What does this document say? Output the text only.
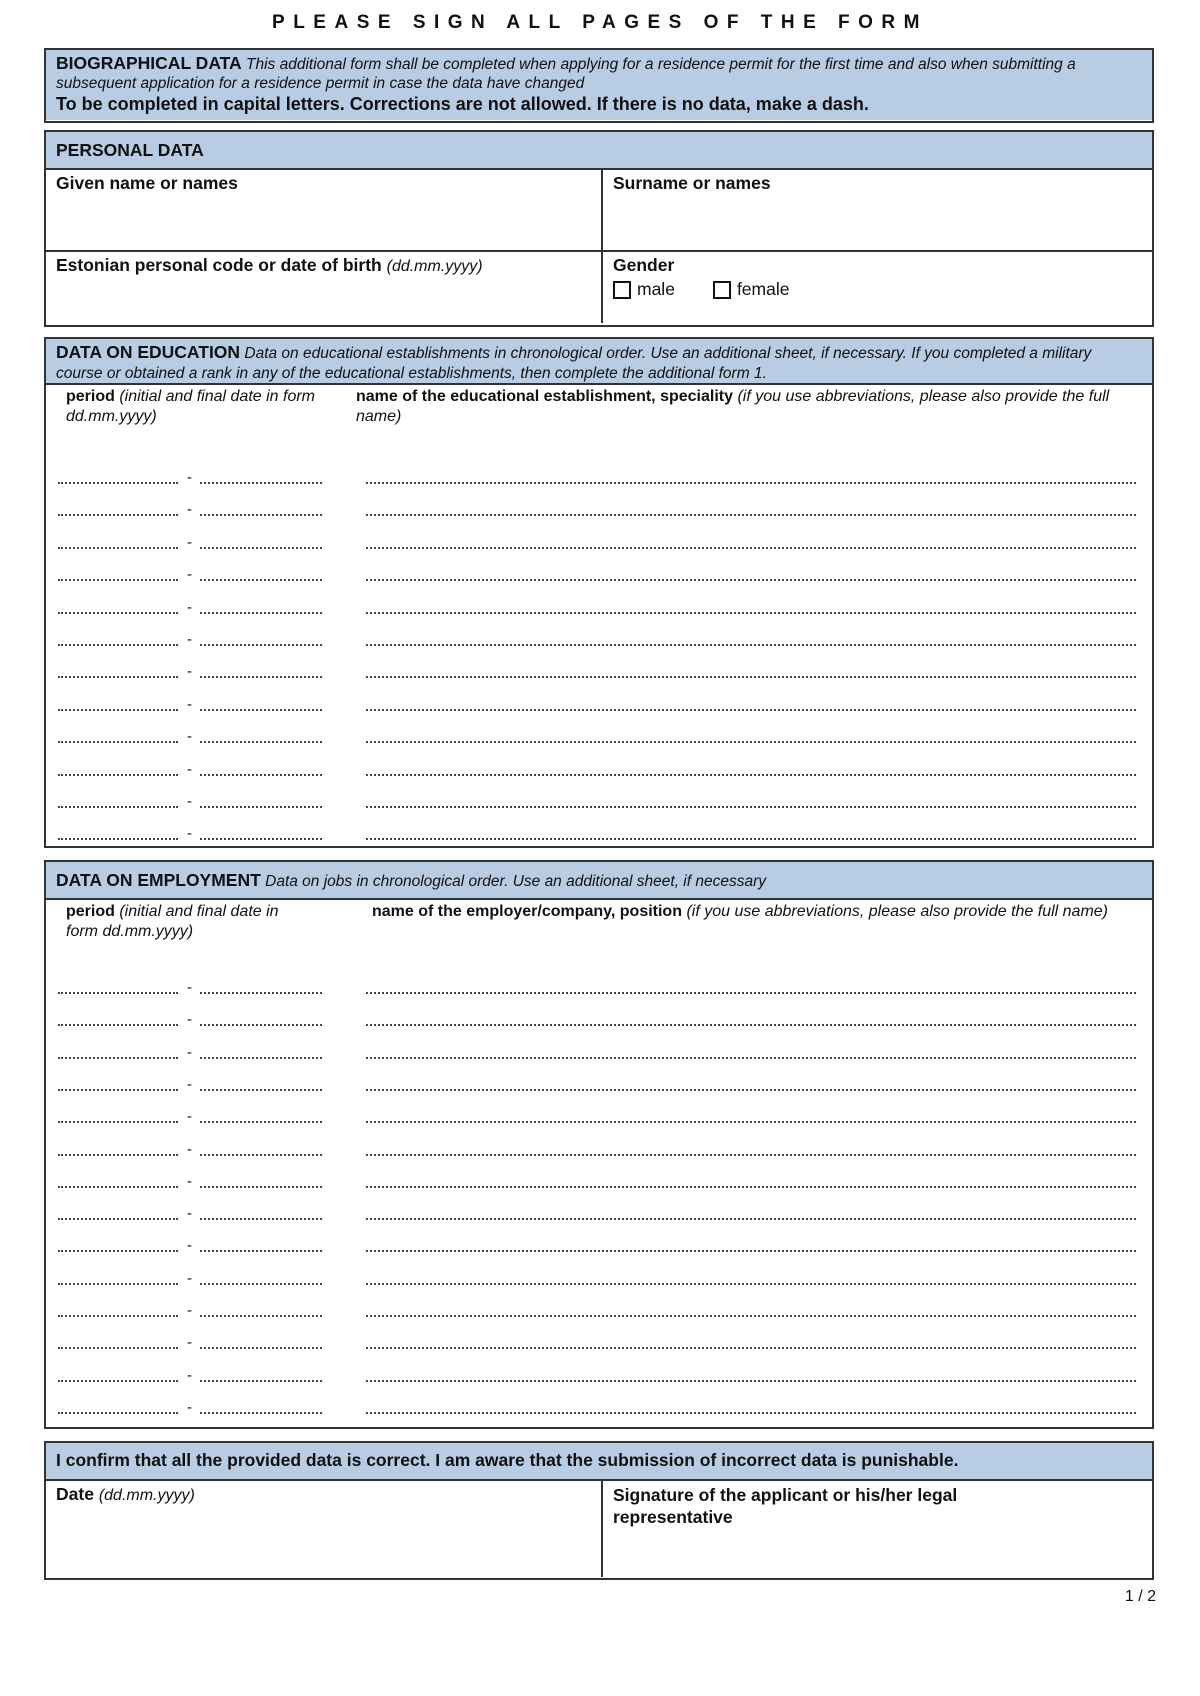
PLEASE SIGN ALL PAGES OF THE FORM
BIOGRAPHICAL DATA This additional form shall be completed when applying for a residence permit for the first time and also when submitting a subsequent application for a residence permit in case the data have changed
To be completed in capital letters. Corrections are not allowed. If there is no data, make a dash.
PERSONAL DATA
Given name or names	Surname or names
Estonian personal code or date of birth (dd.mm.yyyy)	Gender
male	female
DATA ON EDUCATION Data on educational establishments in chronological order. Use an additional sheet, if necessary. If you completed a military course or obtained a rank in any of the educational establishments, then complete the additional form 1.
period (initial and final date in form dd.mm.yyyy)
name of the educational establishment, speciality (if you use abbreviations, please also provide the full name)
-
-
-
-
-
-
-
-
-
-
-
-
DATA ON EMPLOYMENT Data on jobs in chronological order. Use an additional sheet, if necessary
period (initial and final date in form dd.mm.yyyy)
name of the employer/company, position (if you use abbreviations, please also provide the full name)
-
-
-
-
-
-
-
-
-
-
-
-
-
-
I confirm that all the provided data is correct. I am aware that the submission of incorrect data is punishable.
Date (dd.mm.yyyy)	Signature of the applicant or his/her legal representative
1 / 2
